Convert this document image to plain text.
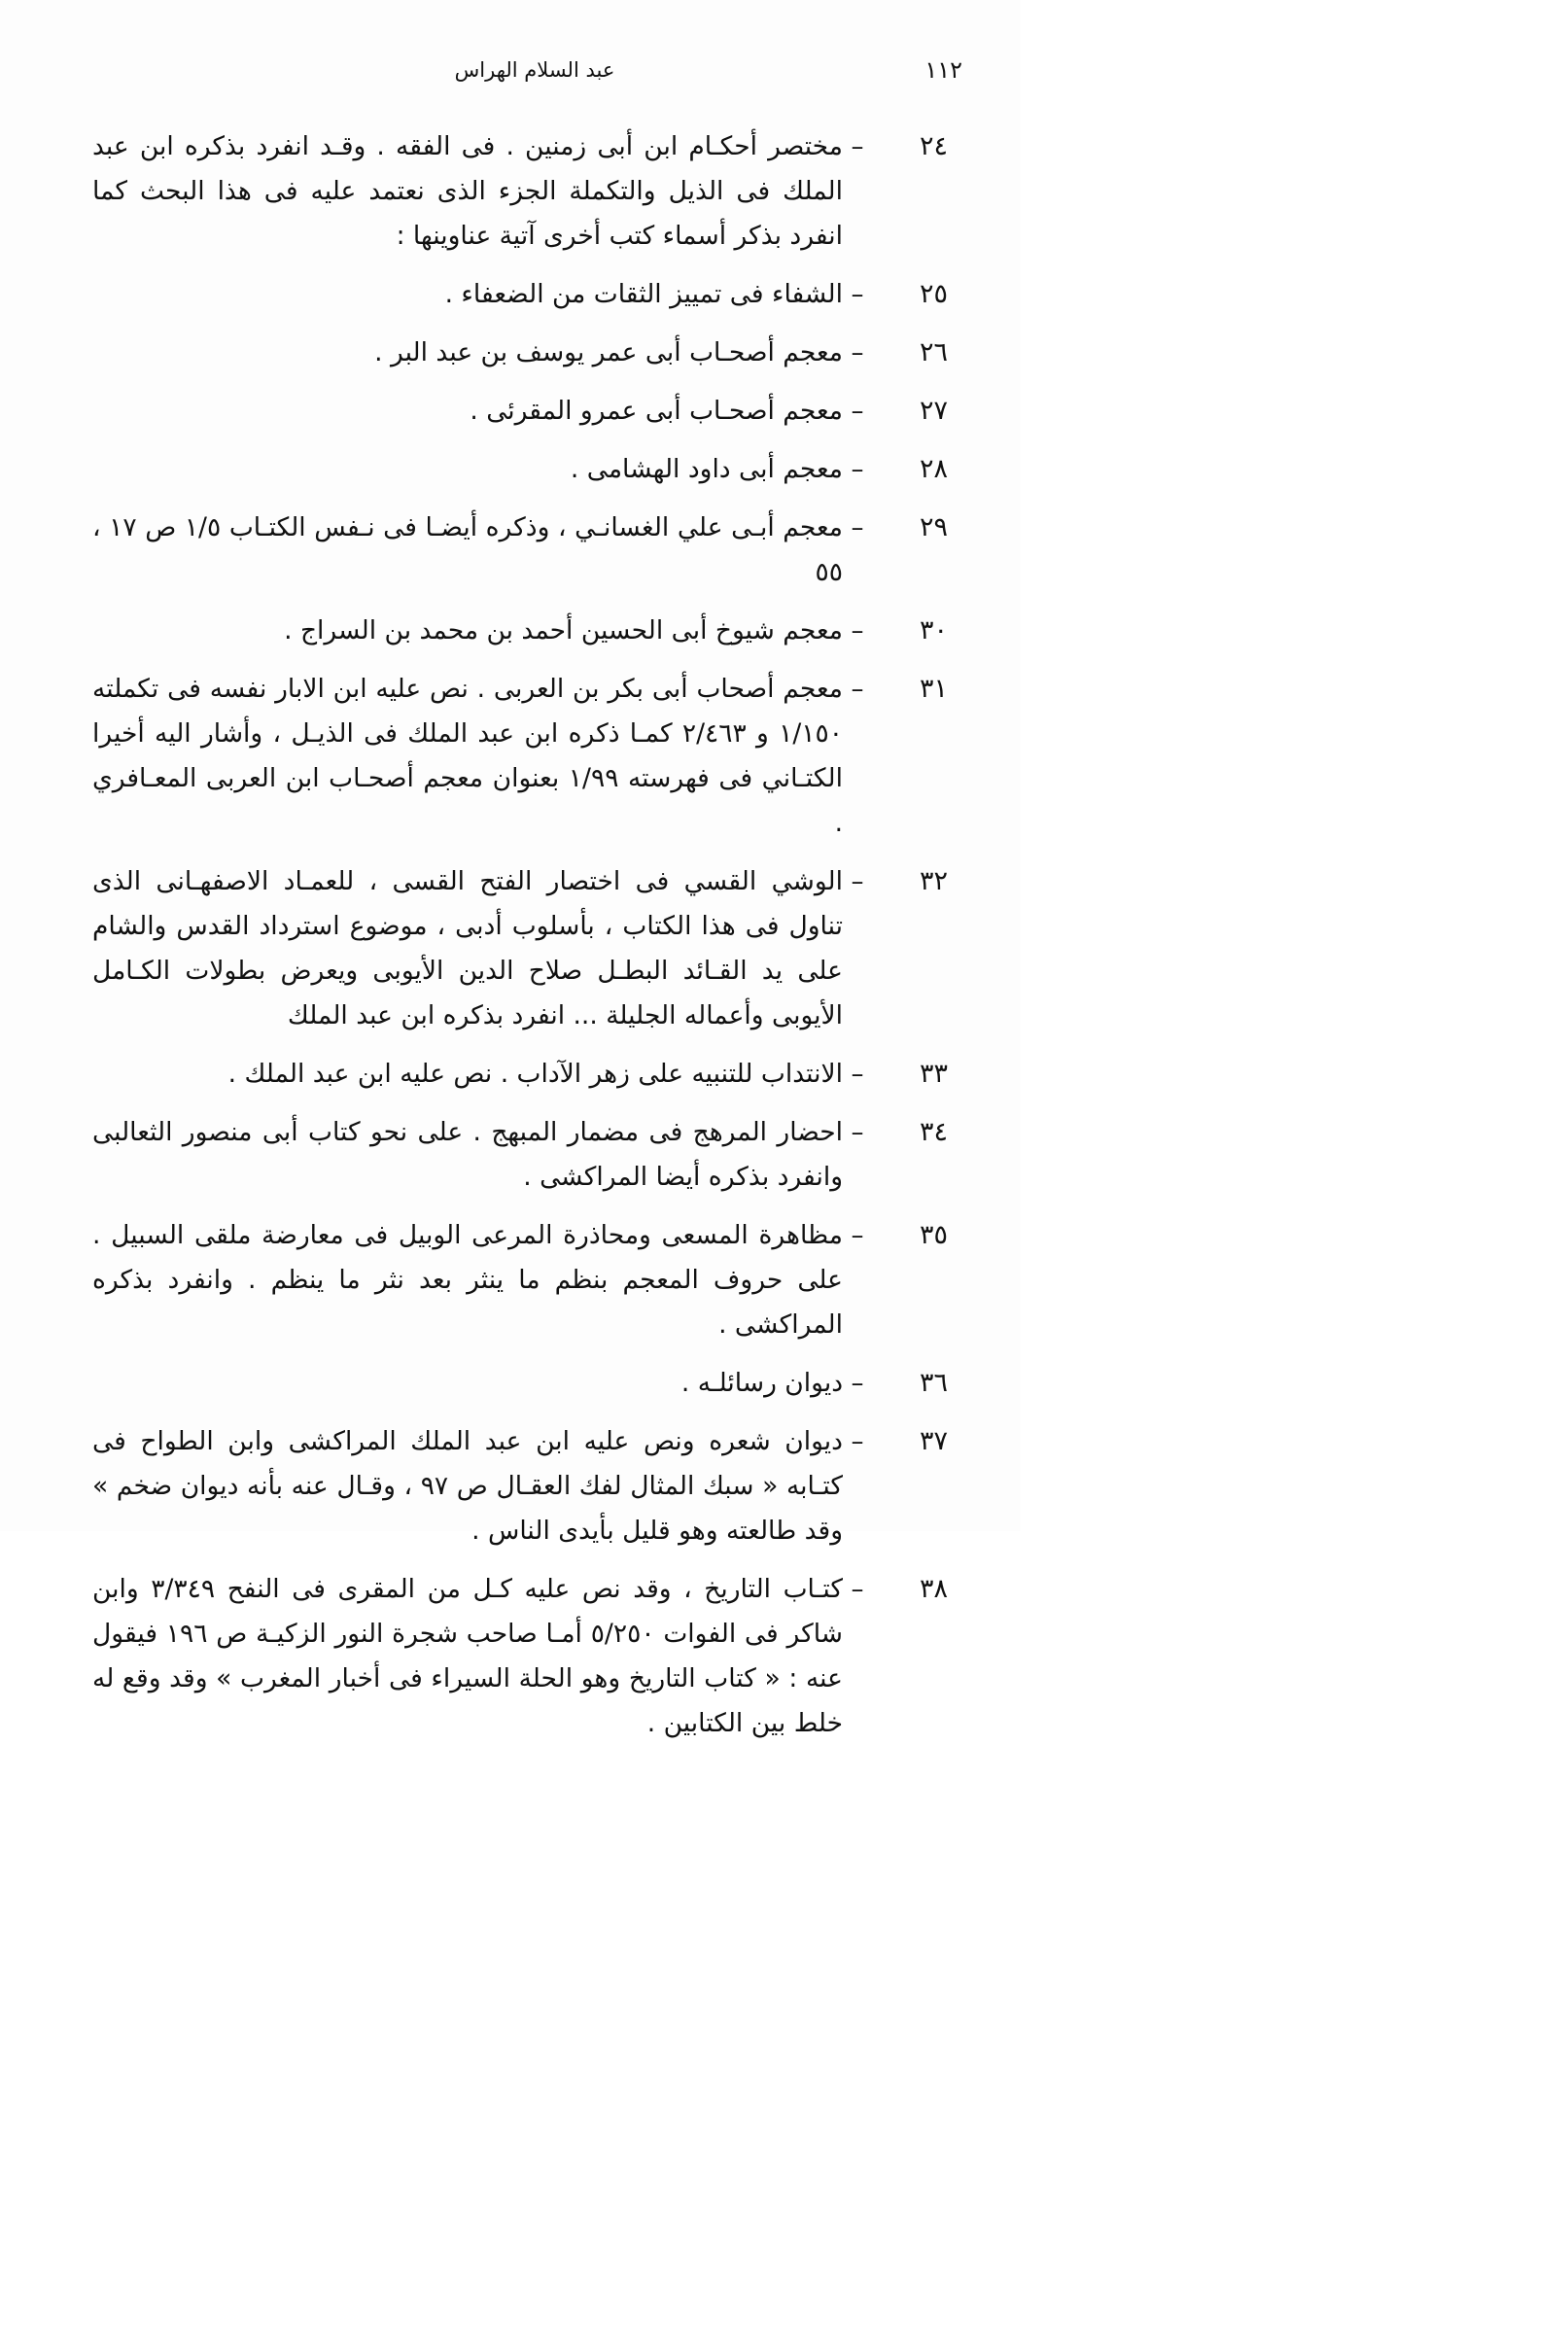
١١٢
عبد السلام الهراس
٢٤
–
مختصر أحكـام ابن أبى زمنين . فى الفقه . وقـد انفرد بذكره ابن عبد الملك فى الذيل والتكملة الجزء الذى نعتمد عليه فى هذا البحث كما انفرد بذكر أسماء كتب أخرى آتية عناوينها :
٢٥
–
الشفاء فى تمييز الثقات من الضعفاء .
٢٦
–
معجم أصحـاب أبى عمر يوسف بن عبد البر .
٢٧
–
معجم أصحـاب أبى عمرو المقرئى .
٢٨
–
معجم أبى داود الهشامى .
٢٩
–
معجم أبـى علي الغسانـي ، وذكره أيضـا فى نـفس الكتـاب ١/٥ ص ١٧ ، ٥٥
٣٠
–
معجم شيوخ أبى الحسين أحمد بن محمد بن السراج .
٣١
–
معجم أصحاب أبى بكر بن العربى . نص عليه ابن الابار نفسه فى تكملته ١/١٥٠ و ٢/٤٦٣ كمـا ذكره ابن عبد الملك فى الذيـل ، وأشار اليه أخيرا الكتـاني فى فهرسته ١/٩٩ بعنوان معجم أصحـاب ابن العربى المعـافري .
٣٢
–
الوشي القسي فى اختصار الفتح القسى ، للعمـاد الاصفهـانى الذى تناول فى هذا الكتاب ، بأسلوب أدبى ، موضوع استرداد القدس والشام على يد القـائد البطـل صلاح الدين الأيوبى ويعرض بطولات الكـامل الأيوبى وأعماله الجليلة ... انفرد بذكره ابن عبد الملك
٣٣
–
الانتداب للتنبيه على زهر الآداب . نص عليه ابن عبد الملك .
٣٤
–
احضار المرهج فى مضمار المبهج . على نحو كتاب أبى منصور الثعالبى وانفرد بذكره أيضا المراكشى .
٣٥
–
مظاهرة المسعى ومحاذرة المرعى الوبيل فى معارضة ملقى السبيل . على حروف المعجم بنظم ما ينثر بعد نثر ما ينظم . وانفرد بذكره المراكشى .
٣٦
–
ديوان رسائلـه .
٣٧
–
ديوان شعره ونص عليه ابن عبد الملك المراكشى وابن الطواح فى كتـابه « سبك المثال لفك العقـال ص ٩٧ ، وقـال عنه بأنه ديوان ضخم » وقد طالعته وهو قليل بأيدى الناس .
٣٨
–
كتـاب التاريخ ، وقد نص عليه كـل من المقرى فى النفح ٣/٣٤٩ وابن شاكر فى الفوات ٥/٢٥٠ أمـا صاحب شجرة النور الزكيـة ص ١٩٦ فيقول عنه : « كتاب التاريخ وهو الحلة السيراء فى أخبار المغرب » وقد وقع له خلط بين الكتابين .
